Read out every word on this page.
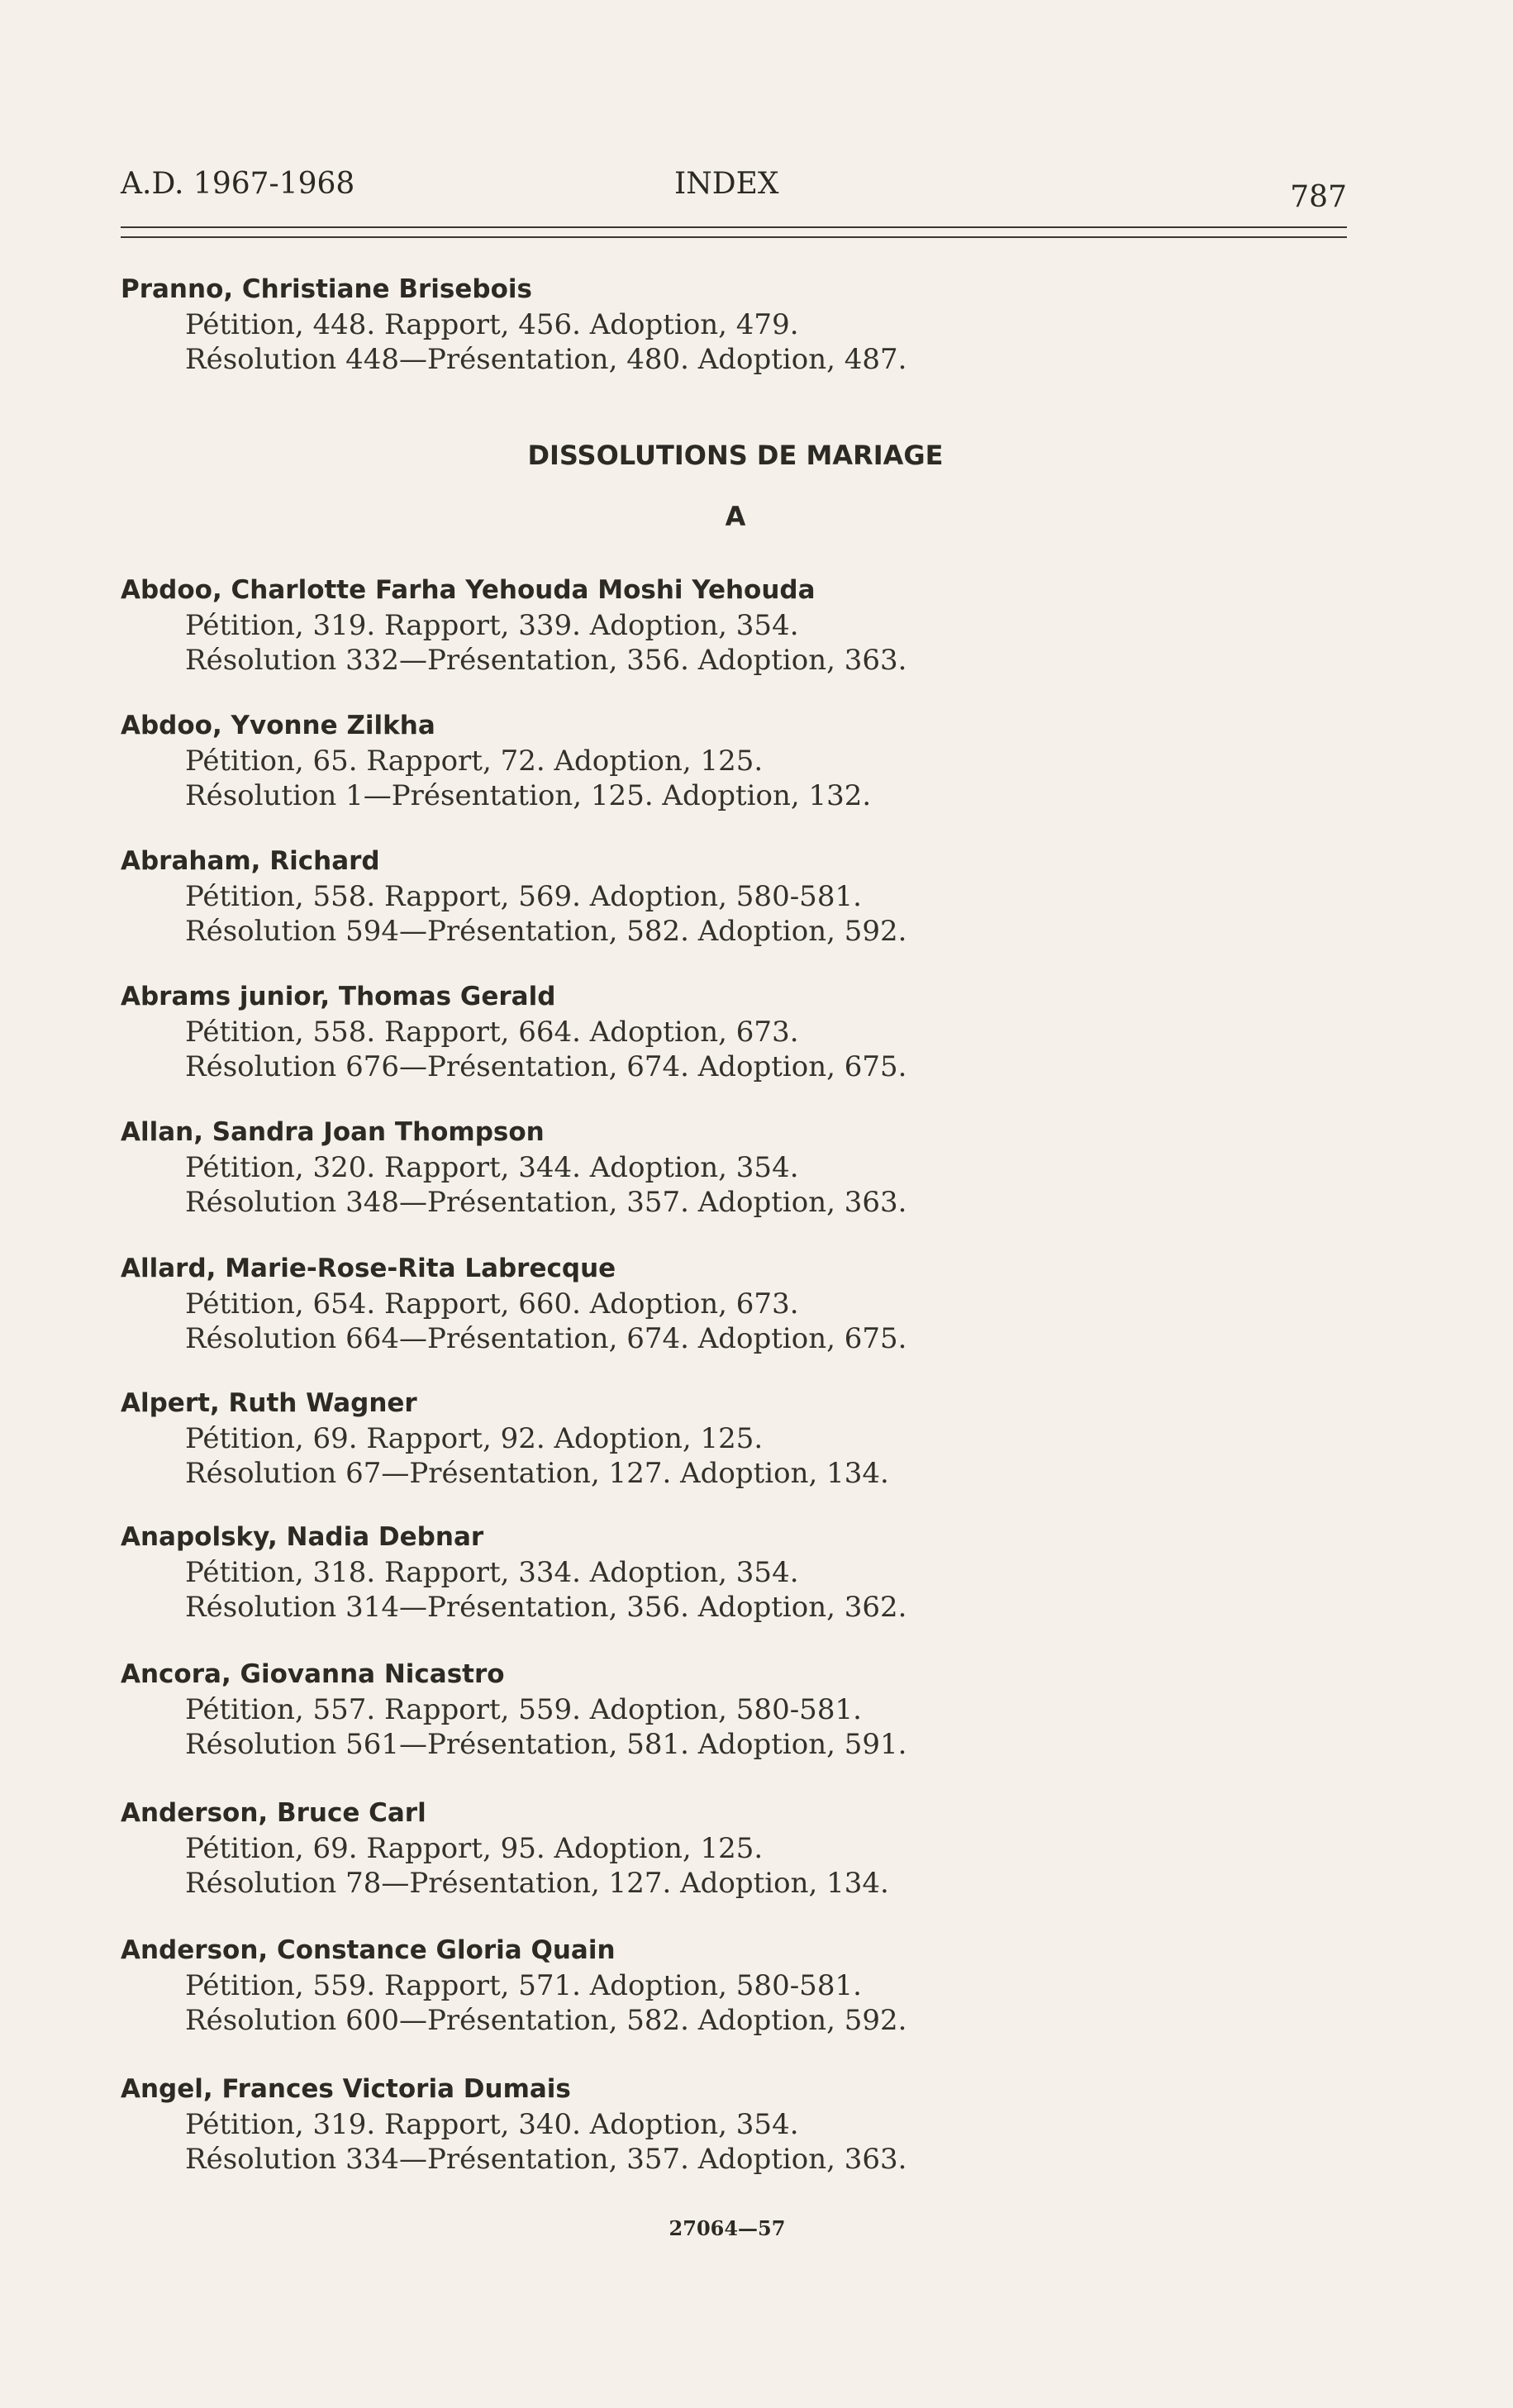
A.D. 1967-1968	INDEX	787
Pranno, Christiane Brisebois
Pétition, 448. Rapport, 456. Adoption, 479.
Résolution 448—Présentation, 480. Adoption, 487.
DISSOLUTIONS DE MARIAGE
A
Abdoo, Charlotte Farha Yehouda Moshi Yehouda
Pétition, 319. Rapport, 339. Adoption, 354.
Résolution 332—Présentation, 356. Adoption, 363.
Abdoo, Yvonne Zilkha
Pétition, 65. Rapport, 72. Adoption, 125.
Résolution 1—Présentation, 125. Adoption, 132.
Abraham, Richard
Pétition, 558. Rapport, 569. Adoption, 580-581.
Résolution 594—Présentation, 582. Adoption, 592.
Abrams junior, Thomas Gerald
Pétition, 558. Rapport, 664. Adoption, 673.
Résolution 676—Présentation, 674. Adoption, 675.
Allan, Sandra Joan Thompson
Pétition, 320. Rapport, 344. Adoption, 354.
Résolution 348—Présentation, 357. Adoption, 363.
Allard, Marie-Rose-Rita Labrecque
Pétition, 654. Rapport, 660. Adoption, 673.
Résolution 664—Présentation, 674. Adoption, 675.
Alpert, Ruth Wagner
Pétition, 69. Rapport, 92. Adoption, 125.
Résolution 67—Présentation, 127. Adoption, 134.
Anapolsky, Nadia Debnar
Pétition, 318. Rapport, 334. Adoption, 354.
Résolution 314—Présentation, 356. Adoption, 362.
Ancora, Giovanna Nicastro
Pétition, 557. Rapport, 559. Adoption, 580-581.
Résolution 561—Présentation, 581. Adoption, 591.
Anderson, Bruce Carl
Pétition, 69. Rapport, 95. Adoption, 125.
Résolution 78—Présentation, 127. Adoption, 134.
Anderson, Constance Gloria Quain
Pétition, 559. Rapport, 571. Adoption, 580-581.
Résolution 600—Présentation, 582. Adoption, 592.
Angel, Frances Victoria Dumais
Pétition, 319. Rapport, 340. Adoption, 354.
Résolution 334—Présentation, 357. Adoption, 363.
27064—57
